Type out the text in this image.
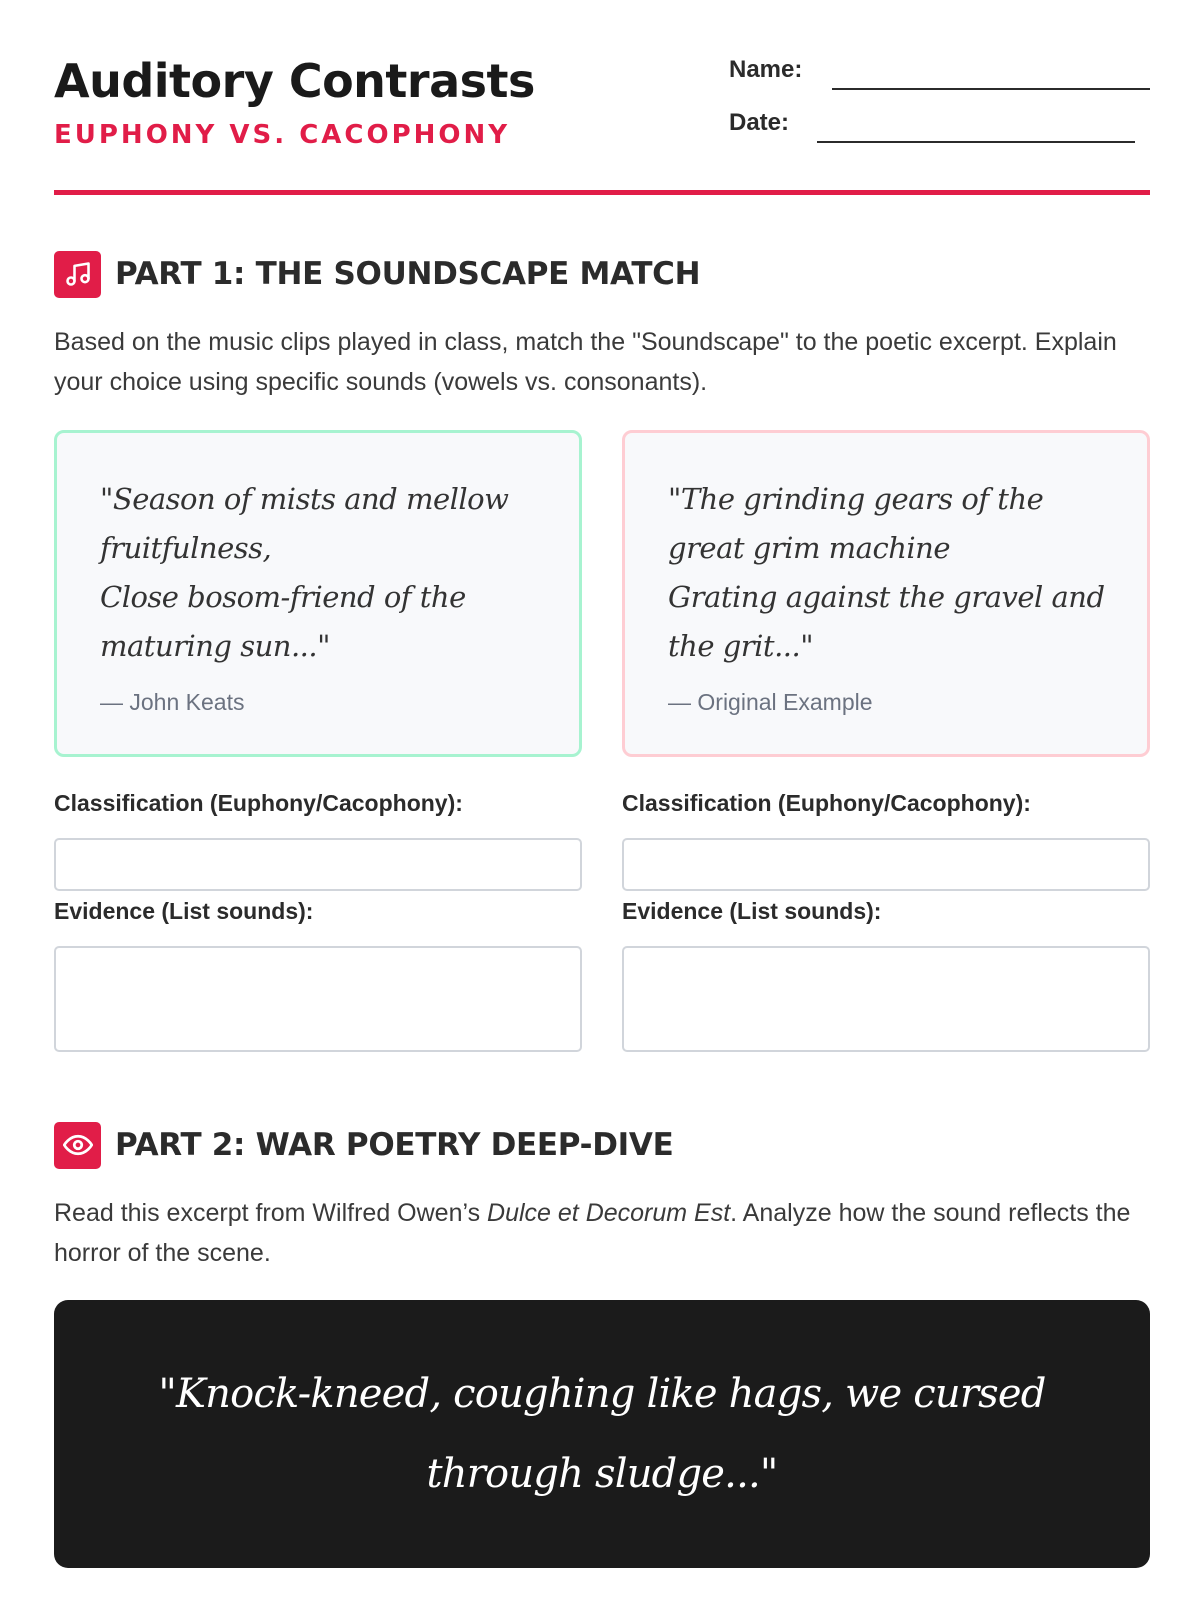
Auditory Contrasts
EUPHONY VS. CACOPHONY
Name:
Date:
PART 1: THE SOUNDSCAPE MATCH
Based on the music clips played in class, match the "Soundscape" to the poetic excerpt. Explain your choice using specific sounds (vowels vs. consonants).
"Season of mists and mellow fruitfulness,
Close bosom-friend of the maturing sun..."
— John Keats
"The grinding gears of the great grim machine
Grating against the gravel and the grit..."
— Original Example
Classification (Euphony/Cacophony):
Evidence (List sounds):
Classification (Euphony/Cacophony):
Evidence (List sounds):
PART 2: WAR POETRY DEEP-DIVE
Read this excerpt from Wilfred Owen’s Dulce et Decorum Est. Analyze how the sound reflects the horror of the scene.
"Knock-kneed, coughing like hags, we cursed through sludge..."
